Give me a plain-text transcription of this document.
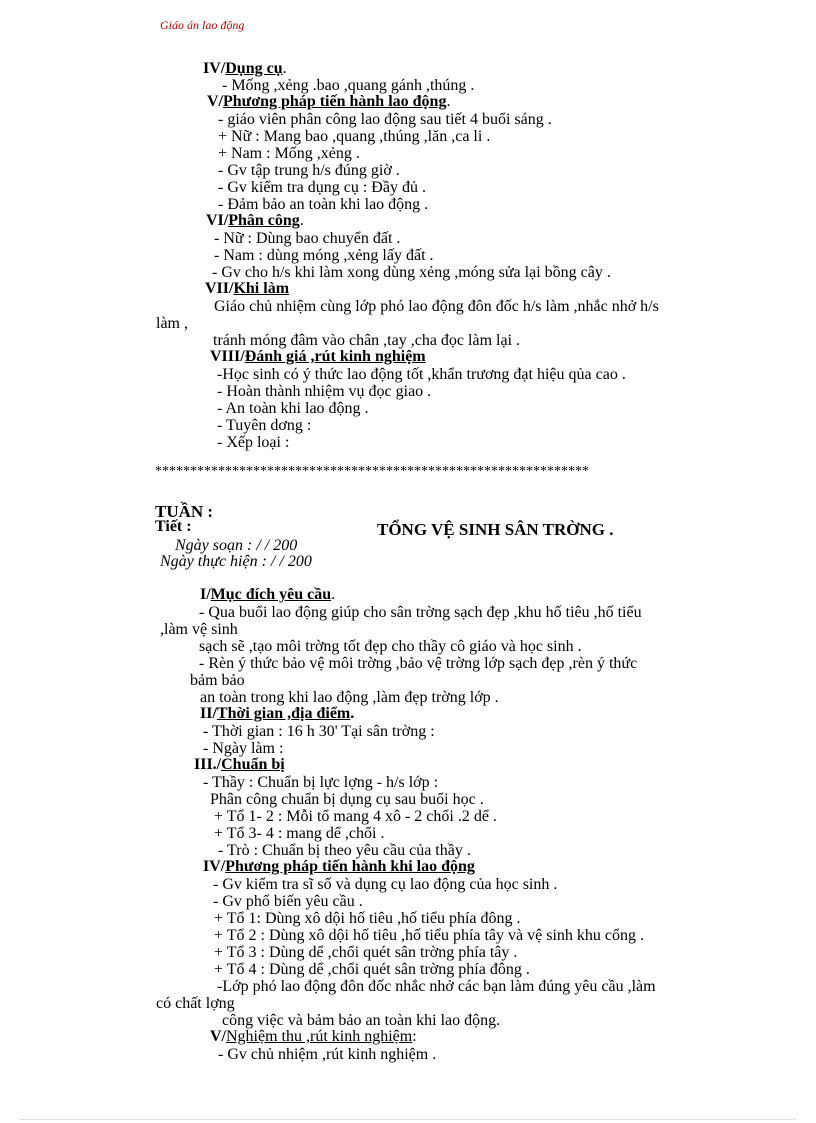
Giáo án lao động
IV/Dụng cụ.
- Mống ,xẻng .bao ,quang gánh ,thúng .
V/Phương pháp tiến hành lao động.
- giáo viên phân công lao động sau tiết 4 buổi sáng .
+ Nữ : Mang bao ,quang ,thúng ,lăn ,ca li .
+ Nam : Mống ,xẻng .
- Gv tập trung h/s đúng giờ .
- Gv kiểm tra dụng cụ : Đầy đủ .
- Đảm bảo an toàn khi lao động .
VI/Phân công.
- Nữ : Dùng bao chuyển đất .
- Nam : dùng móng ,xẻng lấy đất .
- Gv cho h/s khi làm xong dùng xẻng ,móng sửa lại bồng cây .
VII/Khi làm
Giáo chủ nhiệm cùng lớp phó lao động đôn đốc h/s làm ,nhắc nhở h/s
làm ,
tránh móng đâm vào chân ,tay ,cha đọc làm lại .
VIII/Đánh giá ,rút kinh nghiệm
-Học sinh có ý thức lao động tốt ,khẩn trương đạt hiệu qủa cao .
- Hoàn thành nhiệm vụ đọc giao .
- An toàn khi lao động .
- Tuyên dơng :
- Xếp loại :
**************************************************************
TUẦN :
Tiết :	TỔNG VỆ SINH SÂN TRỜNG .
Ngày soạn : / / 200
Ngày thực hiện : / / 200
I/Mục đích yêu cầu.
- Qua buổi lao động giúp cho sân trờng sạch đẹp ,khu hố tiêu ,hố tiểu
,làm vệ sinh
sạch sẽ ,tạo môi trờng tốt đẹp cho thầy cô giáo và học sinh .
- Rèn ý thức bảo vệ môi trờng ,bảo vệ trờng lớp sạch đẹp ,rèn ý thức
bảm bảo
an toàn trong khi lao động ,làm đẹp trờng lớp .
II/Thời gian ,địa điểm.
- Thời gian : 16 h 30' Tại sân trờng :
- Ngày làm :
III./Chuẩn bị
- Thầy : Chuẩn bị lực lợng - h/s lớp :
Phân công chuẩn bị dụng cụ sau buổi học .
+ Tổ 1- 2 : Mỗi tổ mang 4 xô - 2 chổi .2 dể .
+ Tổ 3- 4 : mang dể ,chổi .
- Trò : Chuẩn bị theo yêu cầu của thầy .
IV/Phương pháp tiến hành khi lao động
- Gv kiểm tra sĩ số và dụng cụ lao động của học sinh .
- Gv phổ biến yêu cầu .
+ Tổ 1: Dùng xô dội hố tiêu ,hố tiểu phía đông .
+ Tổ 2 : Dùng xô dội hố tiêu ,hố tiểu phía tây và vệ sinh khu cổng .
+ Tổ 3 : Dùng dể ,chổi quét sân trờng phía tây .
+ Tổ 4 : Dùng dể ,chổi quét sân trờng phía đông .
-Lớp phó lao động đôn đốc nhắc nhở các bạn làm đúng yêu cầu ,làm
có chất lợng
công việc và bảm bảo an toàn khi lao động.
V/Nghiệm thu ,rút kinh nghiệm:
- Gv chủ nhiệm ,rút kinh nghiệm .
